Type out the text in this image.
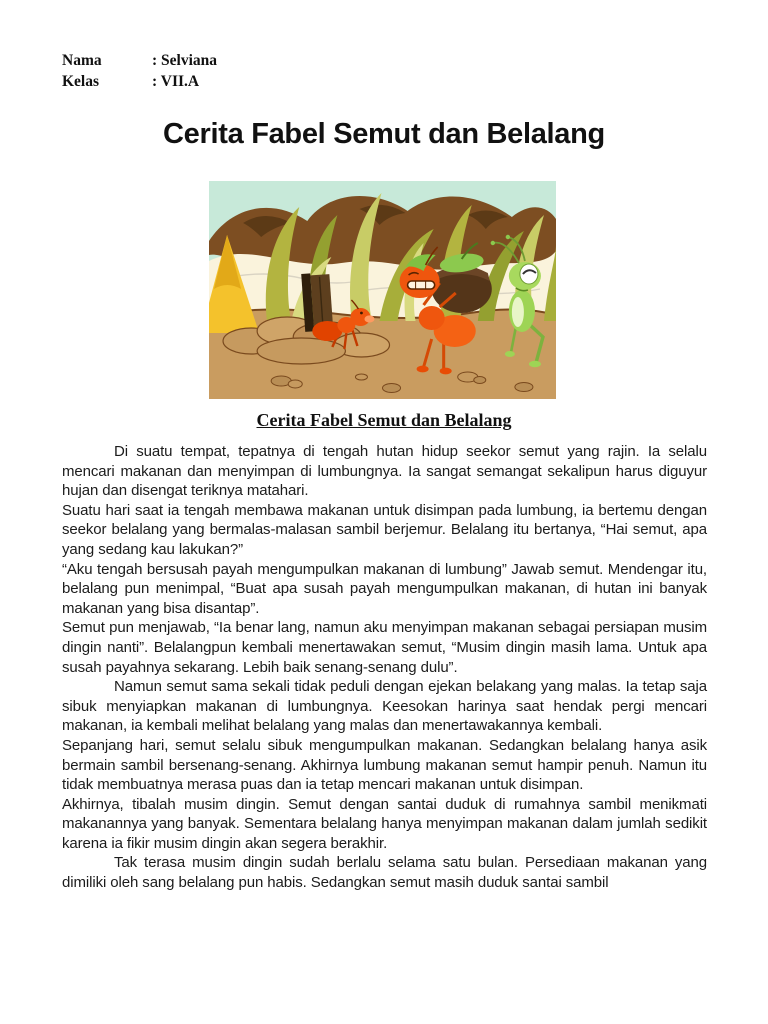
Nama	: Selviana
Kelas	: VII.A
Cerita Fabel Semut dan Belalang
Cerita Fabel Semut dan Belalang

Di suatu tempat, tepatnya di tengah hutan hidup seekor semut yang rajin. Ia selalu mencari makanan dan menyimpan di lumbungnya. Ia sangat semangat sekalipun harus diguyur hujan dan disengat teriknya matahari.

Suatu hari saat ia tengah membawa makanan untuk disimpan pada lumbung, ia bertemu dengan seekor belalang yang bermalas-malasan sambil berjemur. Belalang itu bertanya, “Hai semut, apa yang sedang kau lakukan?”

“Aku tengah bersusah payah mengumpulkan makanan di lumbung” Jawab semut. Mendengar itu, belalang pun menimpal, “Buat apa susah payah mengumpulkan makanan, di hutan ini banyak makanan yang bisa disantap”.

Semut pun menjawab, “Ia benar lang, namun aku menyimpan makanan sebagai persiapan musim dingin nanti”. Belalangpun kembali menertawakan semut, “Musim dingin masih lama. Untuk apa susah payahnya sekarang. Lebih baik senang-senang dulu”.

Namun semut sama sekali tidak peduli dengan ejekan belakang yang malas. Ia tetap saja sibuk menyiapkan makanan di lumbungnya. Keesokan harinya saat hendak pergi mencari makanan, ia kembali melihat belalang yang malas dan menertawakannya kembali.

Sepanjang hari, semut selalu sibuk mengumpulkan makanan. Sedangkan belalang hanya asik bermain sambil bersenang-senang. Akhirnya lumbung makanan semut hampir penuh. Namun itu tidak membuatnya merasa puas dan ia tetap mencari makanan untuk disimpan.

Akhirnya, tibalah musim dingin. Semut dengan santai duduk di rumahnya sambil menikmati makanannya yang banyak. Sementara belalang hanya menyimpan makanan dalam jumlah sedikit karena ia fikir musim dingin akan segera berakhir.

Tak terasa musim dingin sudah berlalu selama satu bulan. Persediaan makanan yang dimiliki oleh sang belalang pun habis. Sedangkan semut masih duduk santai sambil
